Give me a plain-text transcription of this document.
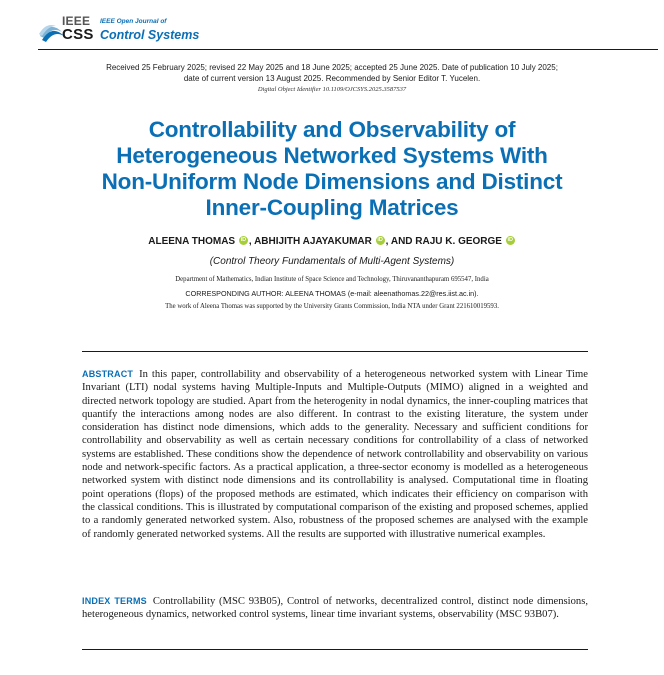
IEEE
CSS
IEEE Open Journal of
Control Systems
Received 25 February 2025; revised 22 May 2025 and 18 June 2025; accepted 25 June 2025. Date of publication 10 July 2025;
date of current version 13 August 2025. Recommended by Senior Editor T. Yucelen.
Digital Object Identifier 10.1109/OJCSYS.2025.3587537
Controllability and Observability of
Heterogeneous Networked Systems With
Non-Uniform Node Dimensions and Distinct
Inner-Coupling Matrices
ALEENA THOMAS iD , ABHIJITH AJAYAKUMAR iD , AND RAJU K. GEORGE iD
(Control Theory Fundamentals of Multi-Agent Systems)
Department of Mathematics, Indian Institute of Space Science and Technology, Thiruvananthapuram 695547, India
CORRESPONDING AUTHOR: ALEENA THOMAS (e-mail: aleenathomas.22@res.iist.ac.in).
The work of Aleena Thomas was supported by the University Grants Commission, India NTA under Grant 221610019593.
ABSTRACT In this paper, controllability and observability of a heterogeneous networked system with Linear Time Invariant (LTI) nodal systems having Multiple-Inputs and Multiple-Outputs (MIMO) aligned in a weighted and directed network topology are studied. Apart from the heterogenity in nodal dynamics, the inner-coupling matrices that quantify the interactions among nodes are also different. In contrast to the existing literature, the system under consideration has distinct node dimensions, which adds to the generality. Necessary and sufficient conditions for controllability and observability as well as certain necessary conditions for controllability of a class of networked systems are established. These conditions show the dependence of network controllability and observability on various node and network-specific factors. As a practical application, a three-sector economy is modelled as a heterogeneous networked system with distinct node dimensions and its controllability is analysed. Computational time in floating point operations (flops) of the proposed methods are estimated, which indicates their efficiency on comparison with the classical conditions. This is illustrated by computational comparison of the existing and proposed schemes, applied to a randomly generated networked system. Also, robustness of the proposed schemes are analysed with the example of randomly generated networked systems. All the results are supported with illustrative numerical examples.
INDEX TERMS Controllability (MSC 93B05), Control of networks, decentralized control, distinct node dimensions, heterogeneous dynamics, networked control systems, linear time invariant systems, observability (MSC 93B07).
